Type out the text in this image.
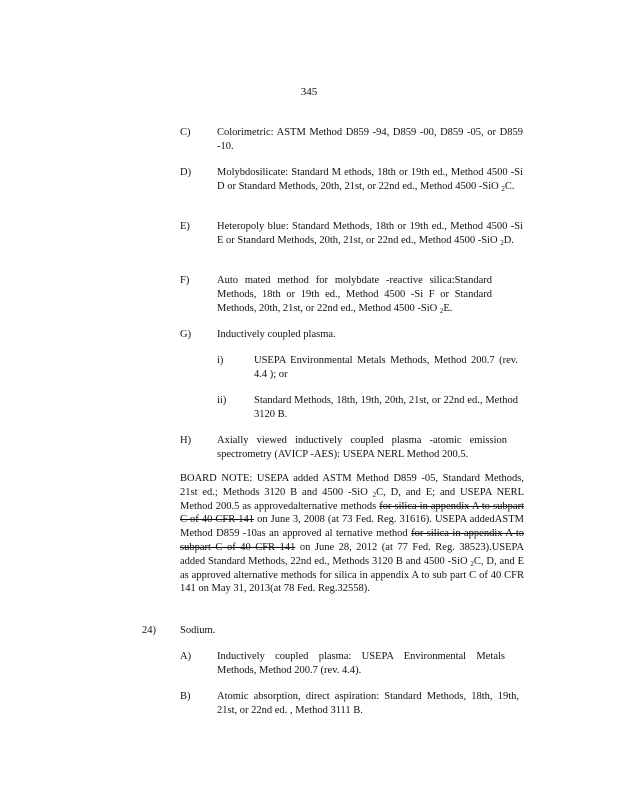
345
C)	Colorimetric: ASTM Method D859 -94, D859 -00, D859 -05, or D859 -10.
D) Molybdosilicate: Standard M ethods, 18th or 19th ed., Method 4500 -Si D or Standard Methods, 20th, 21st, or 22nd ed., Method 4500 -SiO $_2$C.
E)	Heteropoly blue: Standard Methods, 18th or 19th ed., Method 4500 -Si E or Standard Methods, 20th, 21st, or 22nd ed., Method 4500 -SiO $_2$D.
F)	Auto mated method for molybdate -reactive silica:Standard Methods, 18th or 19th ed., Method 4500 -Si F or Standard Methods, 20th, 21st, or 22nd ed., Method 4500 -SiO $_2$E.
G) Inductively coupled plasma.
i)	USEPA Environmental Metals Methods, Method 200.7 (rev. 4.4 ); or
ii)	Standard Methods, 18th, 19th, 20th, 21st, or 22nd ed., Method 3120 B.
H) Axially viewed inductively coupled plasma -atomic emission spectrometry (AVICP -AES): USEPA NERL Method 200.5.
BOARD NOTE: USEPA added ASTM Method D859 -05, Standard Methods, 21st ed.; Methods 3120 B and 4500 -SiO $_2$C, D, and E; and USEPA NERL Method 200.5 as approvedalternative methods for silica in appendix A to subpart C of 40 CFR 141 on June 3, 2008 (at 73 Fed. Reg. 31616). USEPA addedASTM Method D859 -10as an approved al ternative method for silica in appendix A to subpart C of 40 CFR 141 on June 28, 2012 (at 77 Fed. Reg. 38523).USEPA added Standard Methods, 22nd ed., Methods 3120 B and 4500 -SiO $_2$C, D, and E as approved alternative methods for silica in appendix A to sub part C of 40 CFR 141 on May 31, 2013(at 78 Fed. Reg.32558).
24) Sodium.
A) Inductively coupled plasma: USEPA Environmental Metals Methods, Method 200.7 (rev. 4.4).
B)	Atomic absorption, direct aspiration: Standard Methods, 18th, 19th, 21st, or 22nd ed. , Method 3111 B.
